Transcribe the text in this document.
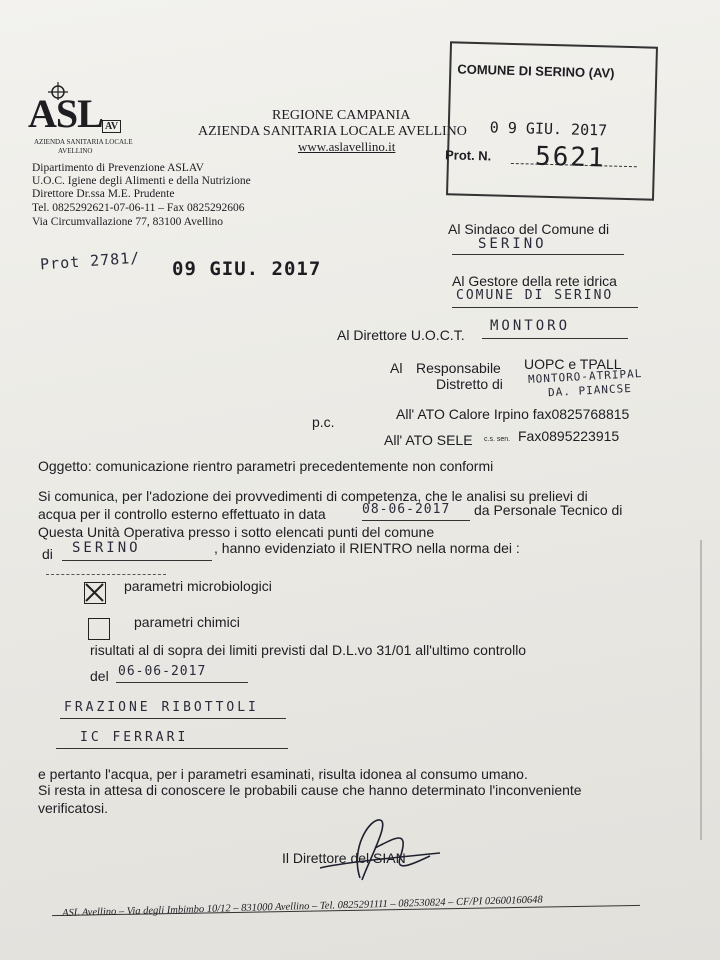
ASL AV
AZIENDA SANITARIA LOCALE
AVELLINO
REGIONE CAMPANIA
AZIENDA SANITARIA LOCALE AVELLINO
www.aslavellino.it
Dipartimento di Prevenzione ASLAV
U.O.C. Igiene degli Alimenti e della Nutrizione
Direttore Dr.ssa M.E. Prudente
Tel. 0825292621-07-06-11 – Fax 0825292606
Via Circumvallazione 77, 83100 Avellino
COMUNE DI SERINO (AV)
0 9 GIU. 2017
Prot. N. 5621
Prot 2781/ 09 GIU. 2017
Al Sindaco del Comune di
SERINO
Al Gestore della rete idrica
COMUNE DI SERINO
Al Direttore U.O.C.T.
MONTORO
Al Responsabile UOPC e TPALL
Distretto di MONTORO-ATRIPAL
DA. PIANCSE
p.c.	All' ATO Calore Irpino fax0825768815
All' ATO SELE c.s. sen. Fax0895223915
Oggetto: comunicazione rientro parametri precedentemente non conformi
Si comunica, per l'adozione dei provvedimenti di competenza, che le analisi su prelievi di
acqua per il controllo esterno effettuato in data	08-06-2017 da Personale Tecnico di
Questa Unità Operativa presso i sotto elencati punti del comune
di SERINO	, hanno evidenziato il RIENTRO nella norma dei :
parametri microbiologici
parametri chimici
risultati al di sopra dei limiti previsti dal D.L.vo 31/01 all'ultimo controllo
del 06-06-2017
FRAZIONE RIBOTTOLI
IC FERRARI
e pertanto l'acqua, per i parametri esaminati, risulta idonea al consumo umano.
Si resta in attesa di conoscere le probabili cause che hanno determinato l'inconveniente
verificatosi.
Il Direttore del SIAN
ASL Avellino – Via degli Imbimbo 10/12 – 831000 Avellino – Tel. 0825291111 – 082530824 – CF/PI 02600160648
